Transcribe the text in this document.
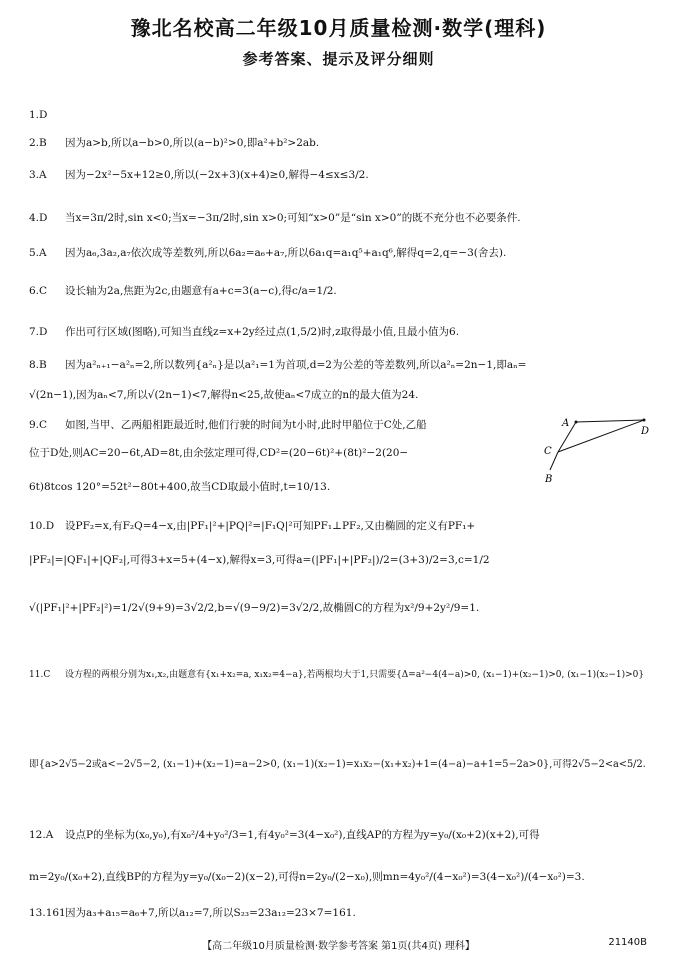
豫北名校高二年级10月质量检测·数学(理科)
参考答案、提示及评分细则
1.D
2.B 因为a>b,所以a−b>0,所以(a−b)²>0,即a²+b²>2ab.
3.A 因为−2x²−5x+12≥0,所以(−2x+3)(x+4)≥0,解得−4≤x≤3/2.
4.D 当x=3π/2时,sin x<0;当x=−3π/2时,sin x>0;可知“x>0”是“sin x>0”的既不充分也不必要条件.
5.A 因为a₆,3a₂,a₇依次成等差数列,所以6a₂=a₆+a₇,所以6a₁q=a₁q⁵+a₁q⁶,解得q=2,q=−3(舍去).
6.C 设长轴为2a,焦距为2c,由题意有a+c=3(a−c),得c/a=1/2.
7.D 作出可行区域(图略),可知当直线z=x+2y经过点(1,5/2)时,z取得最小值,且最小值为6.
8.B 因为a²ₙ₊₁−a²ₙ=2,所以数列{a²ₙ}是以a²₁=1为首项,d=2为公差的等差数列,所以a²ₙ=2n−1,即aₙ=
√(2n−1),因为aₙ<7,所以√(2n−1)<7,解得n<25,故使aₙ<7成立的n的最大值为24.
9.C 如图,当甲、乙两船相距最近时,他们行驶的时间为t小时,此时甲船位于C处,乙船
位于D处,则AC=20−6t,AD=8t,由余弦定理可得,CD²=(20−6t)²+(8t)²−2(20−
6t)8tcos 120°=52t²−80t+400,故当CD取最小值时,t=10/13.
10.D 设PF₂=x,有F₂Q=4−x,由|PF₁|²+|PQ|²=|F₁Q|²可知PF₁⊥PF₂,又由椭圆的定义有PF₁+
|PF₂|=|QF₁|+|QF₂|,可得3+x=5+(4−x),解得x=3,可得a=(|PF₁|+|PF₂|)/2=(3+3)/2=3,c=1/2
√(|PF₁|²+|PF₂|²)=1/2√(9+9)=3√2/2,b=√(9−9/2)=3√2/2,故椭圆C的方程为x²/9+2y²/9=1.
11.C 设方程的两根分别为x₁,x₂,由题意有{x₁+x₂=a, x₁x₂=4−a},若两根均大于1,只需要{Δ=a²−4(4−a)>0, (x₁−1)+(x₂−1)>0, (x₁−1)(x₂−1)>0}
即{a>2√5−2或a<−2√5−2, (x₁−1)+(x₂−1)=a−2>0, (x₁−1)(x₂−1)=x₁x₂−(x₁+x₂)+1=(4−a)−a+1=5−2a>0},可得2√5−2<a<5/2.
12.A 设点P的坐标为(x₀,y₀),有x₀²/4+y₀²/3=1,有4y₀²=3(4−x₀²),直线AP的方程为y=y₀/(x₀+2)(x+2),可得
m=2y₀/(x₀+2),直线BP的方程为y=y₀/(x₀−2)(x−2),可得n=2y₀/(2−x₀),则mn=4y₀²/(4−x₀²)=3(4−x₀²)/(4−x₀²)=3.
13.161因为a₃+a₁₅=a₆+7,所以a₁₂=7,所以S₂₃=23a₁₂=23×7=161.
A
D
C
B
【高二年级10月质量检测·数学参考答案 第1页(共4页) 理科】	21140B
